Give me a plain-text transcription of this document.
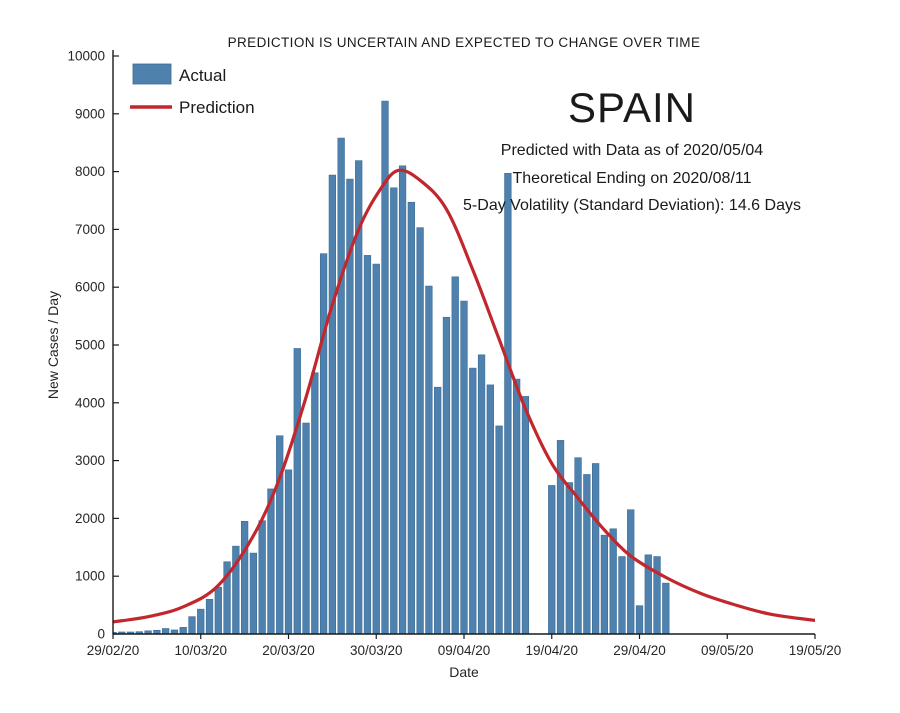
PREDICTION IS UNCERTAIN AND EXPECTED TO CHANGE OVER TIME
0
1000
2000
3000
4000
5000
6000
7000
8000
9000
10000
29/02/20	10/03/20	20/03/20	30/03/20	09/04/20	19/04/20	29/04/20	09/05/20	19/05/20
Actual
Prediction	SPAIN
Predicted with Data as of 2020/05/04
Theoretical Ending on 2020/08/11
5-Day Volatility (Standard Deviation): 14.6 Days
Date
New Cases / Day
